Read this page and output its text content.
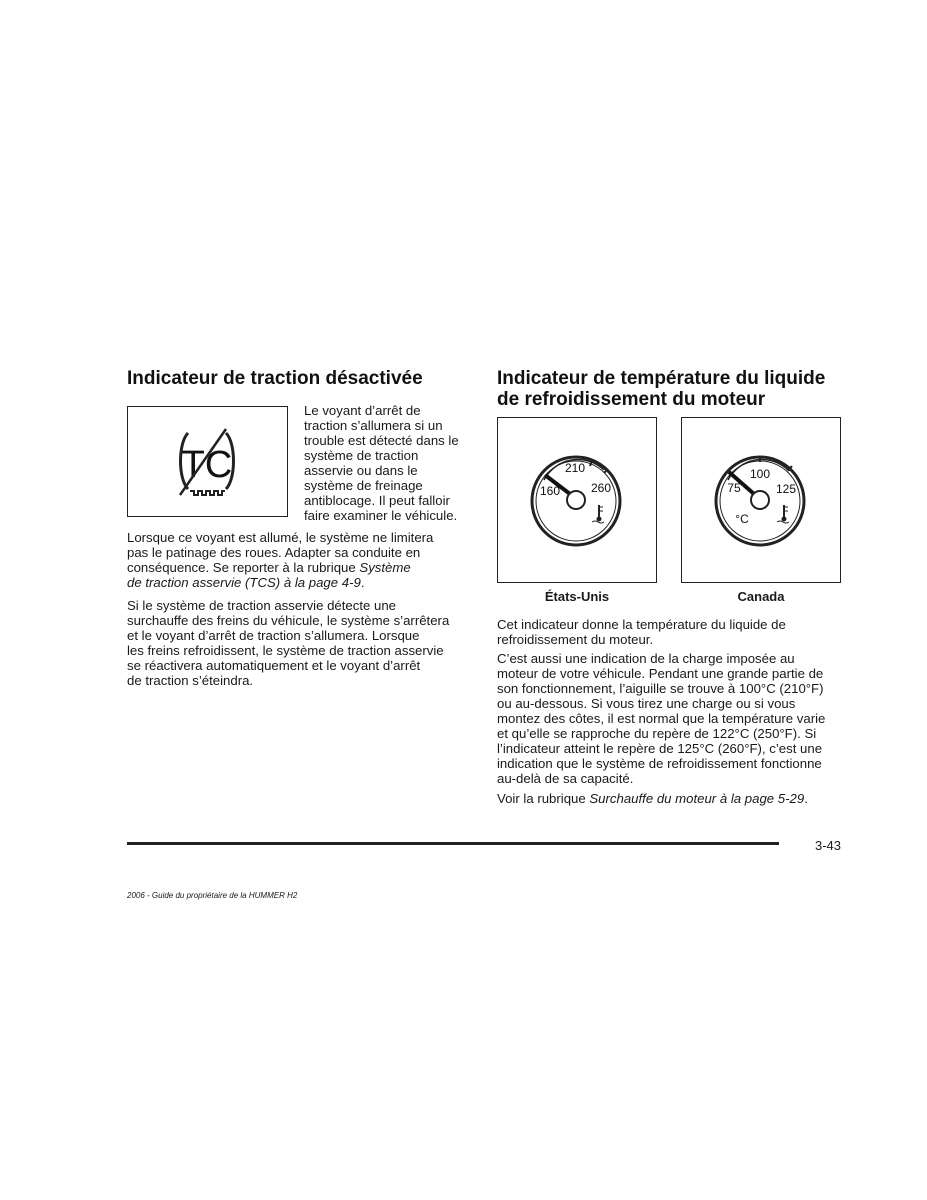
Indicateur de traction désactivée
TC

Le voyant d’arrêt de

traction s’allumera si un

trouble est détecté dans le

système de traction

asservie ou dans le

système de freinage

antiblocage. Il peut falloir

faire examiner le véhicule.

Lorsque ce voyant est allumé, le système ne limitera

pas le patinage des roues. Adapter sa conduite en

conséquence. Se reporter à la rubrique Système

de traction asservie (TCS) à la page 4-9.

Si le système de traction asservie détecte une

surchauffe des freins du véhicule, le système s’arrêtera

et le voyant d’arrêt de traction s’allumera. Lorsque

les freins refroidissent, le système de traction asservie

se réactivera automatiquement et le voyant d’arrêt

de traction s’éteindra.

Indicateur de température du liquide

de refroidissement du moteur

210
160	260

États-Unis

100
75	125
°C

Canada

Cet indicateur donne la température du liquide de

refroidissement du moteur.

C’est aussi une indication de la charge imposée au

moteur de votre véhicule. Pendant une grande partie de

son fonctionnement, l’aiguille se trouve à 100°C (210°F)

ou au-dessous. Si vous tirez une charge ou si vous

montez des côtes, il est normal que la température varie

et qu’elle se rapproche du repère de 122°C (250°F). Si

l’indicateur atteint le repère de 125°C (260°F), c’est une

indication que le système de refroidissement fonctionne

au-delà de sa capacité.

Voir la rubrique Surchauffe du moteur à la page 5-29.

3-43

2006 - Guide du propriétaire de la HUMMER H2
